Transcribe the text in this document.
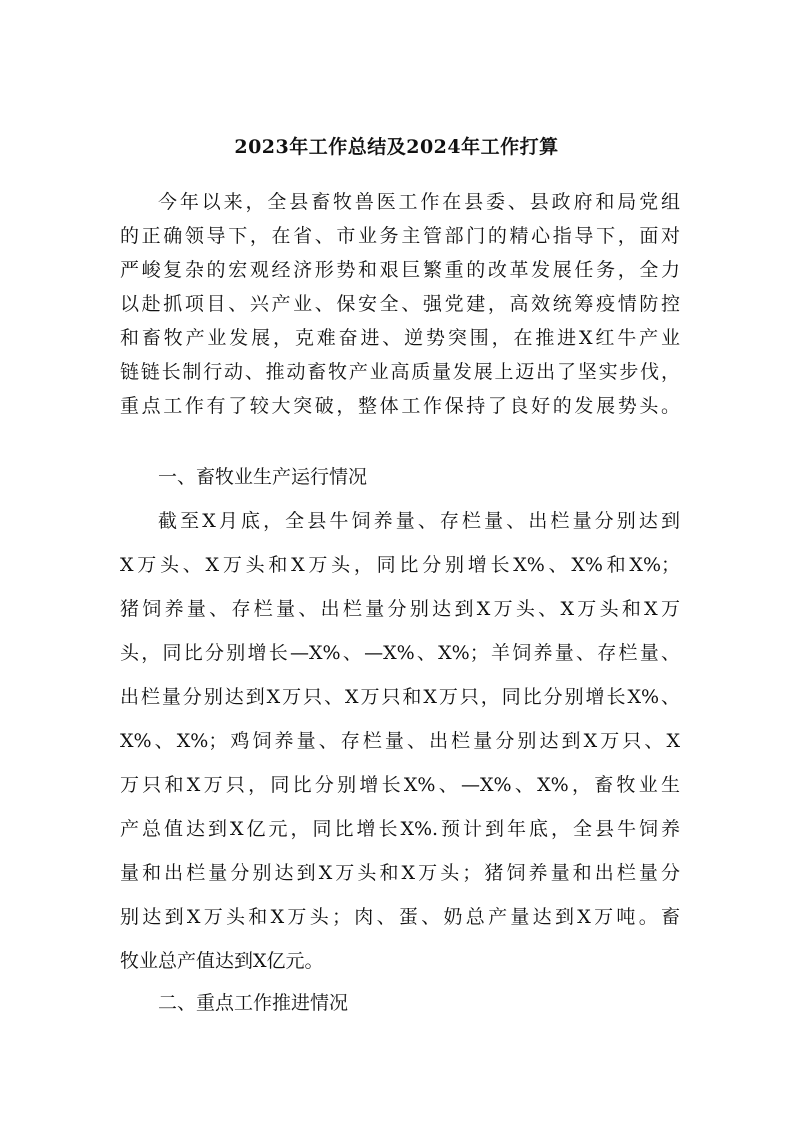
2023年工作总结及2024年工作打算
今年以来，全县畜牧兽医工作在县委、县政府和局党组
的正确领导下，在省、市业务主管部门的精心指导下，面对
严峻复杂的宏观经济形势和艰巨繁重的改革发展任务，全力
以赴抓项目、兴产业、保安全、强党建，高效统筹疫情防控
和畜牧产业发展，克难奋进、逆势突围，在推进X红牛产业
链链长制行动、推动畜牧产业高质量发展上迈出了坚实步伐，
重点工作有了较大突破，整体工作保持了良好的发展势头。
一、畜牧业生产运行情况
截至X月底，全县牛饲养量、存栏量、出栏量分别达到
X万头、X万头和X万头，同比分别增长X%、X%和X%；
猪饲养量、存栏量、出栏量分别达到X万头、X万头和X万
头，同比分别增长—X%、—X%、X%；羊饲养量、存栏量、
出栏量分别达到X万只、X万只和X万只，同比分别增长X%、
X%、X%；鸡饲养量、存栏量、出栏量分别达到X万只、X
万只和X万只，同比分别增长X%、—X%、X%，畜牧业生
产总值达到X亿元，同比增长X%.预计到年底，全县牛饲养
量和出栏量分别达到X万头和X万头；猪饲养量和出栏量分
别达到X万头和X万头；肉、蛋、奶总产量达到X万吨。畜
牧业总产值达到X亿元。
二、重点工作推进情况
